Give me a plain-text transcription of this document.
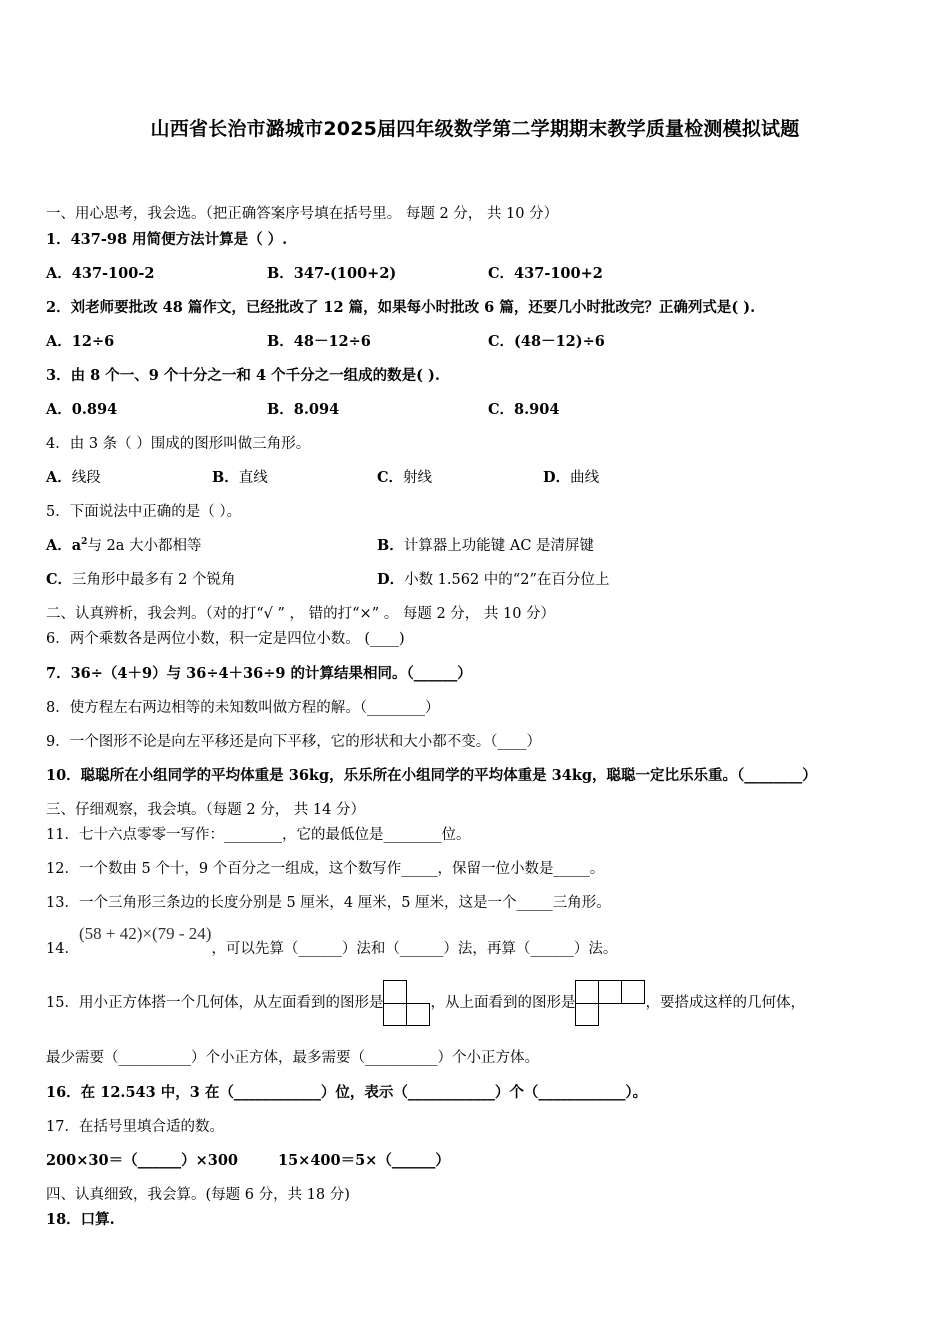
山西省长治市潞城市2025届四年级数学第二学期期末教学质量检测模拟试题
一、用心思考，我会选。（把正确答案序号填在括号里。 每题 2 分， 共 10 分）
1．437-98 用简便方法计算是（ ）.
A．437-100-2	B．347-(100+2)	C．437-100+2
2．刘老师要批改 48 篇作文，已经批改了 12 篇，如果每小时批改 6 篇，还要几小时批改完？正确列式是( ).
A．12÷6	B．48－12÷6	C．(48－12)÷6
3．由 8 个一、9 个十分之一和 4 个千分之一组成的数是( ).
A．0.894	B．8.094	C．8.904
4．由 3 条（ ）围成的图形叫做三角形。
A．线段	B．直线	C．射线	D．曲线
5．下面说法中正确的是（ ）。
A．$a^2$与 2a 大小都相等	B．计算器上功能键 AC 是清屏键
C．三角形中最多有 2 个锐角	D．小数 1.562 中的“2”在百分位上
二、认真辨析，我会判。（对的打“√ ” ， 错的打“×” 。 每题 2 分， 共 10 分）
6．两个乘数各是两位小数，积一定是四位小数。 (____)
7．36÷（4＋9）与 36÷4＋36÷9 的计算结果相同。（______）
8．使方程左右两边相等的未知数叫做方程的解。（________）
9．一个图形不论是向左平移还是向下平移，它的形状和大小都不变。（____）
10．聪聪所在小组同学的平均体重是 36kg，乐乐所在小组同学的平均体重是 34kg，聪聪一定比乐乐重。（________）
三、仔细观察，我会填。（每题 2 分， 共 14 分）
11．七十六点零零一写作：________，它的最低位是________位。
12．一个数由 5 个十，9 个百分之一组成，这个数写作_____，保留一位小数是_____。
13．一个三角形三条边的长度分别是 5 厘米，4 厘米，5 厘米，这是一个_____三角形。
14．(58 + 42)×(79 - 24)，可以先算（______）法和（______）法，再算（______）法。
15．用小正方体搭一个几何体，从左面看到的图形是	，从上面看到的图形是	，要搭成这样的几何体，
最少需要（__________）个小正方体，最多需要（__________）个小正方体。
16．在 12.543 中，3 在（____________）位，表示（____________）个（____________）。
17．在括号里填合适的数。
200×30＝（______）×300	15×400＝5×（______）
四、认真细致，我会算。(每题 6 分，共 18 分)
18．口算.
